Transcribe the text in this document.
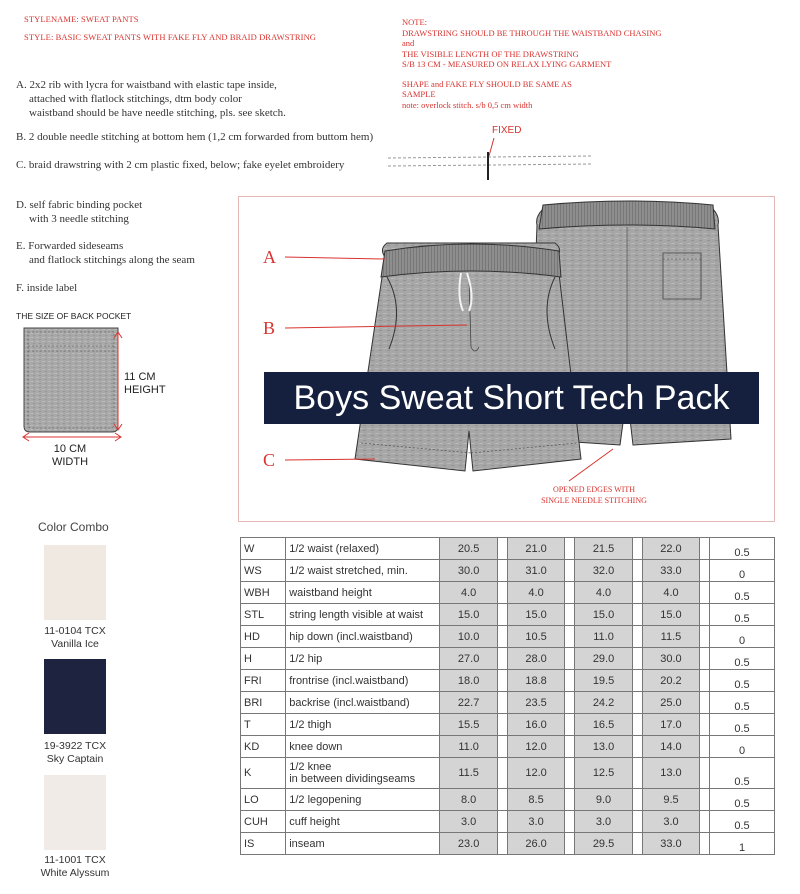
STYLENAME: SWEAT PANTS
STYLE: BASIC SWEAT PANTS WITH FAKE FLY AND BRAID DRAWSTRING
NOTE:
DRAWSTRING SHOULD BE THROUGH THE WAISTBAND CHASING
and
THE VISIBLE LENGTH OF THE DRAWSTRING
S/B 13 CM - MEASURED ON RELAX LYING GARMENT
SHAPE and FAKE FLY SHOULD BE SAME AS
SAMPLE
note: overlock stitch. s/b 0,5 cm width
FIXED
A. 2x2 rib with lycra for waistband with elastic tape inside,
attached with flatlock stitchings, dtm body color
waistband should be have needle stitching, pls. see sketch.
B. 2 double needle stitching at bottom hem (1,2 cm forwarded from buttom hem)
C. braid drawstring with 2 cm plastic fixed, below; fake eyelet embroidery
D. self fabric binding pocket
with 3 needle stitching
E. Forwarded sideseams
and flatlock stitchings along the seam
F. inside label
THE SIZE OF BACK POCKET
11 CM
HEIGHT
10 CM
WIDTH
A
B
C
OPENED EDGES WITH
SINGLE NEEDLE STITCHING
Boys Sweat Short Tech Pack
Color Combo
11-0104 TCX
Vanilla Ice
19-3922 TCX
Sky Captain
11-1001 TCX
White Alyssum
W	1/2 waist (relaxed)	20.5		21.0		21.5		22.0		0.5
WS	1/2 waist stretched, min.	30.0		31.0		32.0		33.0		0
WBH	waistband height	4.0		4.0		4.0		4.0		0.5
STL	string length visible at waist	15.0		15.0		15.0		15.0		0.5
HD	hip down (incl.waistband)	10.0		10.5		11.0		11.5		0
H	1/2 hip	27.0		28.0		29.0		30.0		0.5
FRI	frontrise (incl.waistband)	18.0		18.8		19.5		20.2		0.5
BRI	backrise (incl.waistband)	22.7		23.5		24.2		25.0		0.5
T	1/2 thigh	15.5		16.0		16.5		17.0		0.5
KD	knee down	11.0		12.0		13.0		14.0		0
K	1/2 knee
in between dividingseams	11.5		12.0		12.5		13.0		0.5
LO	1/2 legopening	8.0		8.5		9.0		9.5		0.5
CUH	cuff height	3.0		3.0		3.0		3.0		0.5
IS	inseam	23.0		26.0		29.5		33.0		1
